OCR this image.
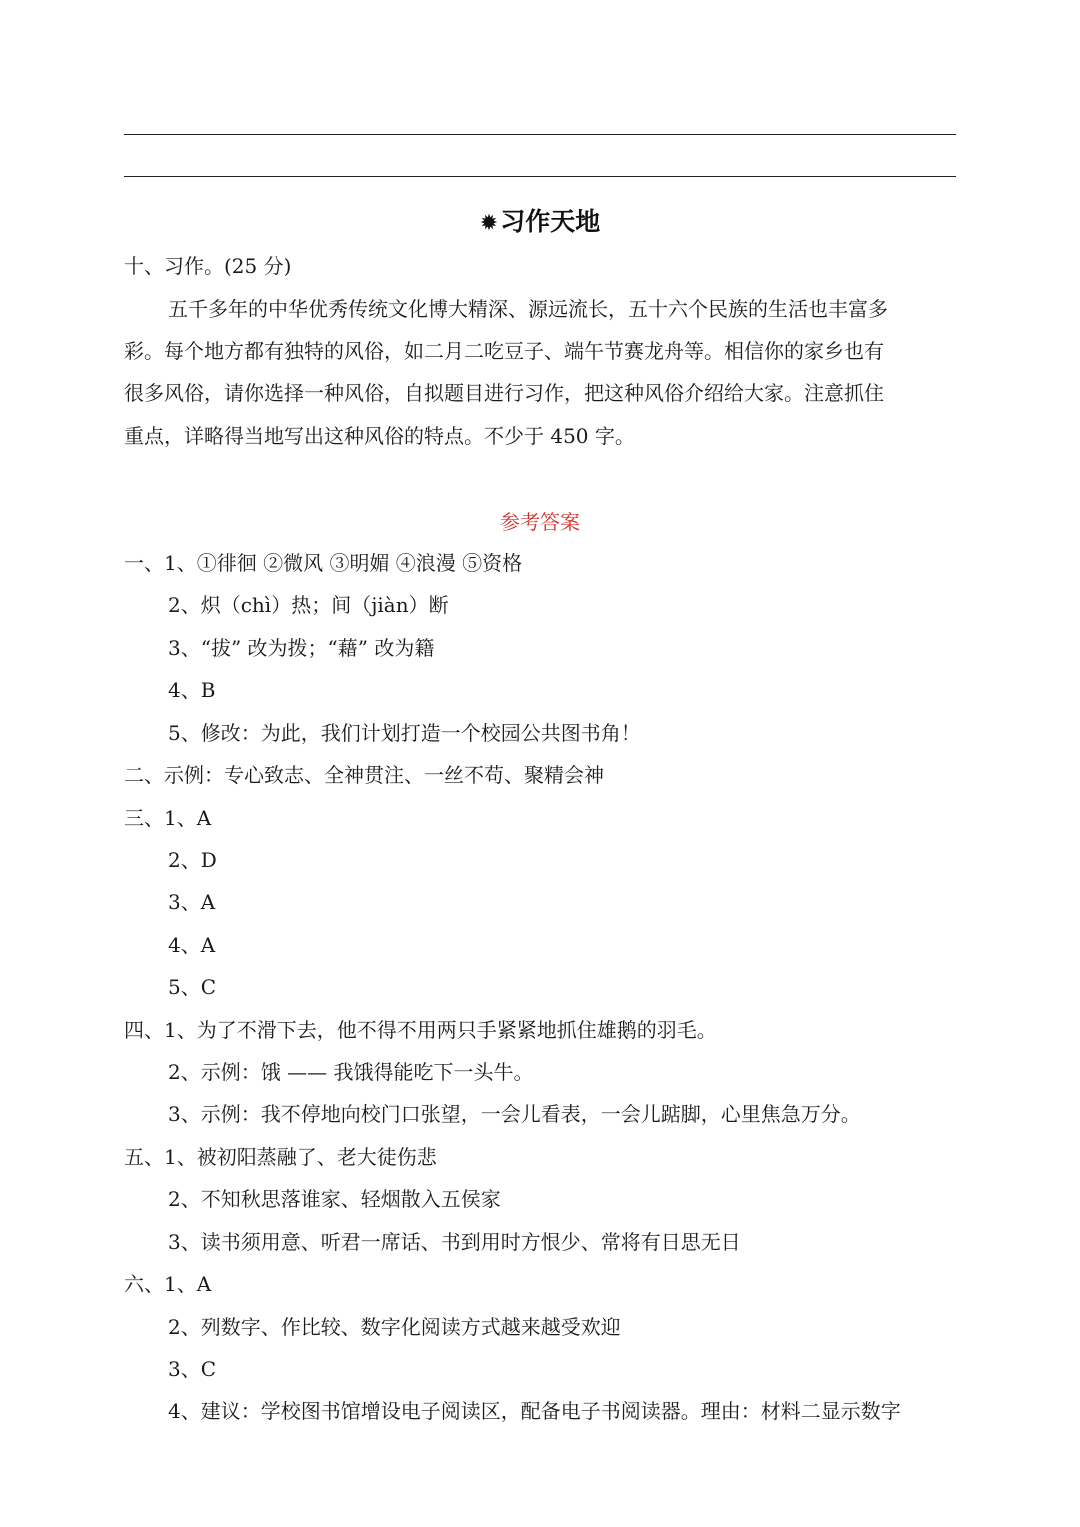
✹习作天地
十、习作。(25 分)
五千多年的中华优秀传统文化博大精深、源远流长，五十六个民族的生活也丰富多
彩。每个地方都有独特的风俗，如二月二吃豆子、端午节赛龙舟等。相信你的家乡也有
很多风俗，请你选择一种风俗，自拟题目进行习作，把这种风俗介绍给大家。注意抓住
重点，详略得当地写出这种风俗的特点。不少于 450 字。
参考答案
一、1、①徘徊 ②微风 ③明媚 ④浪漫 ⑤资格
2、炽（chì）热；间（jiàn）断
3、“拔” 改为拨；“藉” 改为籍
4、B
5、修改：为此，我们计划打造一个校园公共图书角！
二、示例：专心致志、全神贯注、一丝不苟、聚精会神
三、1、A
2、D
3、A
4、A
5、C
四、1、为了不滑下去，他不得不用两只手紧紧地抓住雄鹅的羽毛。
2、示例：饿 —— 我饿得能吃下一头牛。
3、示例：我不停地向校门口张望，一会儿看表，一会儿踮脚，心里焦急万分。
五、1、被初阳蒸融了、老大徒伤悲
2、不知秋思落谁家、轻烟散入五侯家
3、读书须用意、听君一席话、书到用时方恨少、常将有日思无日
六、1、A
2、列数字、作比较、数字化阅读方式越来越受欢迎
3、C
4、建议：学校图书馆增设电子阅读区，配备电子书阅读器。理由：材料二显示数字
